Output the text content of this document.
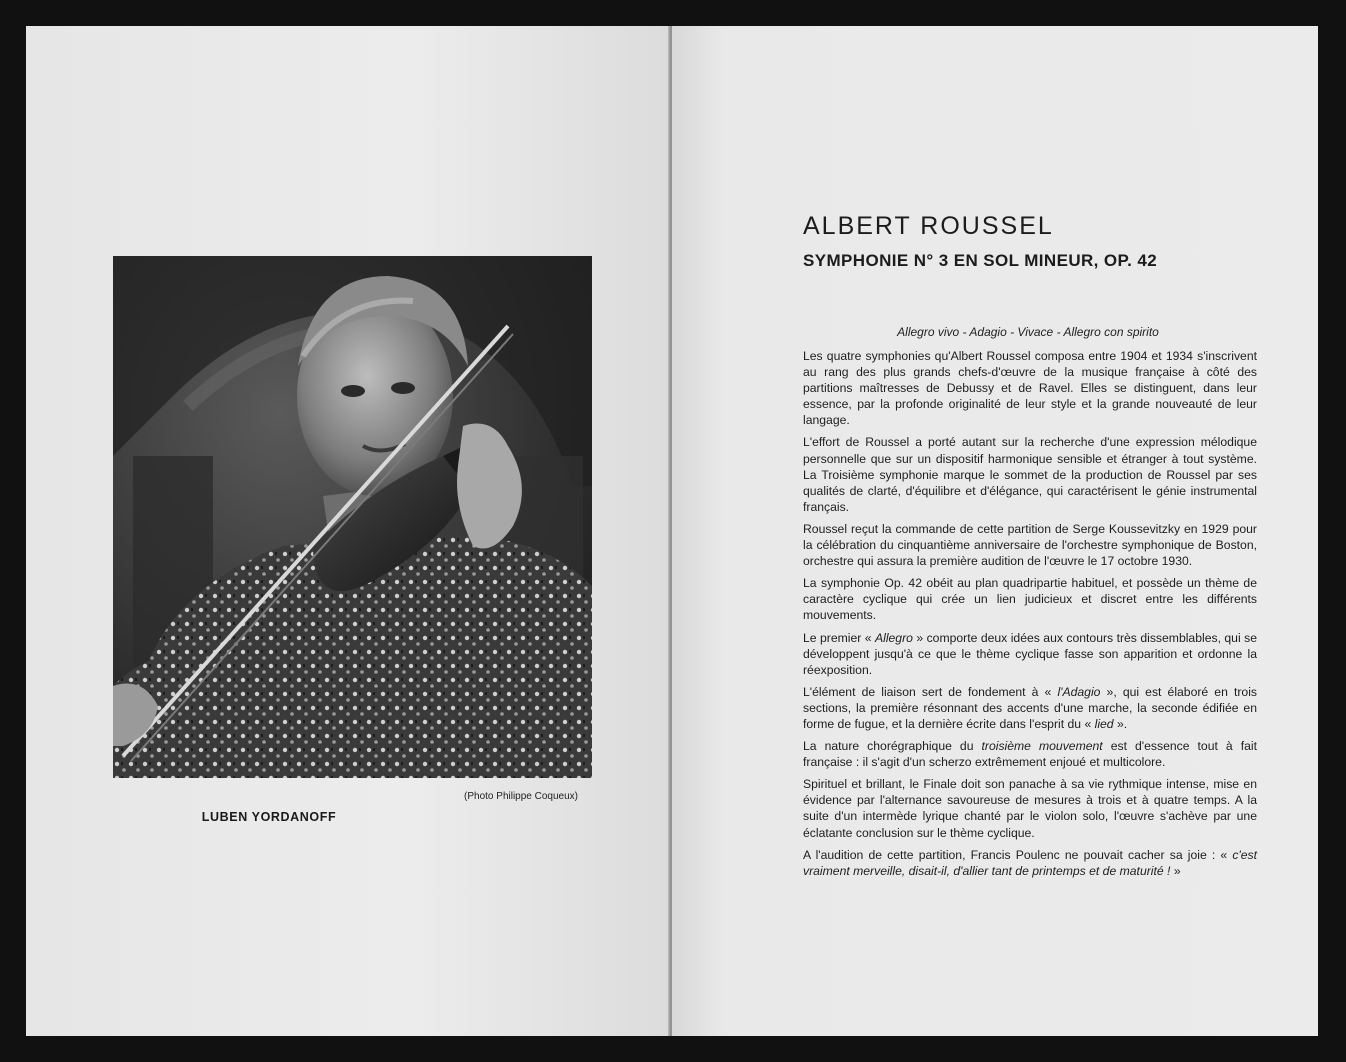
(Photo Philippe Coqueux)
LUBEN YORDANOFF
ALBERT ROUSSEL
SYMPHONIE N° 3 EN SOL MINEUR, OP. 42
Allegro vivo - Adagio - Vivace - Allegro con spirito

Les quatre symphonies qu'Albert Roussel composa entre 1904 et 1934 s'inscrivent au rang des plus grands chefs-d'œuvre de la musique française à côté des partitions maîtresses de Debussy et de Ravel. Elles se distinguent, dans leur essence, par la profonde originalité de leur style et la grande nouveauté de leur langage.

L'effort de Roussel a porté autant sur la recherche d'une expression mélodique personnelle que sur un dispositif harmonique sensible et étranger à tout système. La Troisième symphonie marque le sommet de la production de Roussel par ses qualités de clarté, d'équilibre et d'élégance, qui caractérisent le génie instrumental français.

Roussel reçut la commande de cette partition de Serge Koussevitzky en 1929 pour la célébration du cinquantième anniversaire de l'orchestre symphonique de Boston, orchestre qui assura la première audition de l'œuvre le 17 octobre 1930.

La symphonie Op. 42 obéit au plan quadripartie habituel, et possède un thème de caractère cyclique qui crée un lien judicieux et discret entre les différents mouvements.

Le premier « Allegro » comporte deux idées aux contours très dissemblables, qui se développent jusqu'à ce que le thème cyclique fasse son apparition et ordonne la réexposition.

L'élément de liaison sert de fondement à « l'Adagio », qui est élaboré en trois sections, la première résonnant des accents d'une marche, la seconde édifiée en forme de fugue, et la dernière écrite dans l'esprit du « lied ».

La nature chorégraphique du troisième mouvement est d'essence tout à fait française : il s'agit d'un scherzo extrêmement enjoué et multicolore.

Spirituel et brillant, le Finale doit son panache à sa vie rythmique intense, mise en évidence par l'alternance savoureuse de mesures à trois et à quatre temps. A la suite d'un intermède lyrique chanté par le violon solo, l'œuvre s'achève par une éclatante conclusion sur le thème cyclique.

A l'audition de cette partition, Francis Poulenc ne pouvait cacher sa joie : « c'est vraiment merveille, disait-il, d'allier tant de printemps et de maturité ! »
